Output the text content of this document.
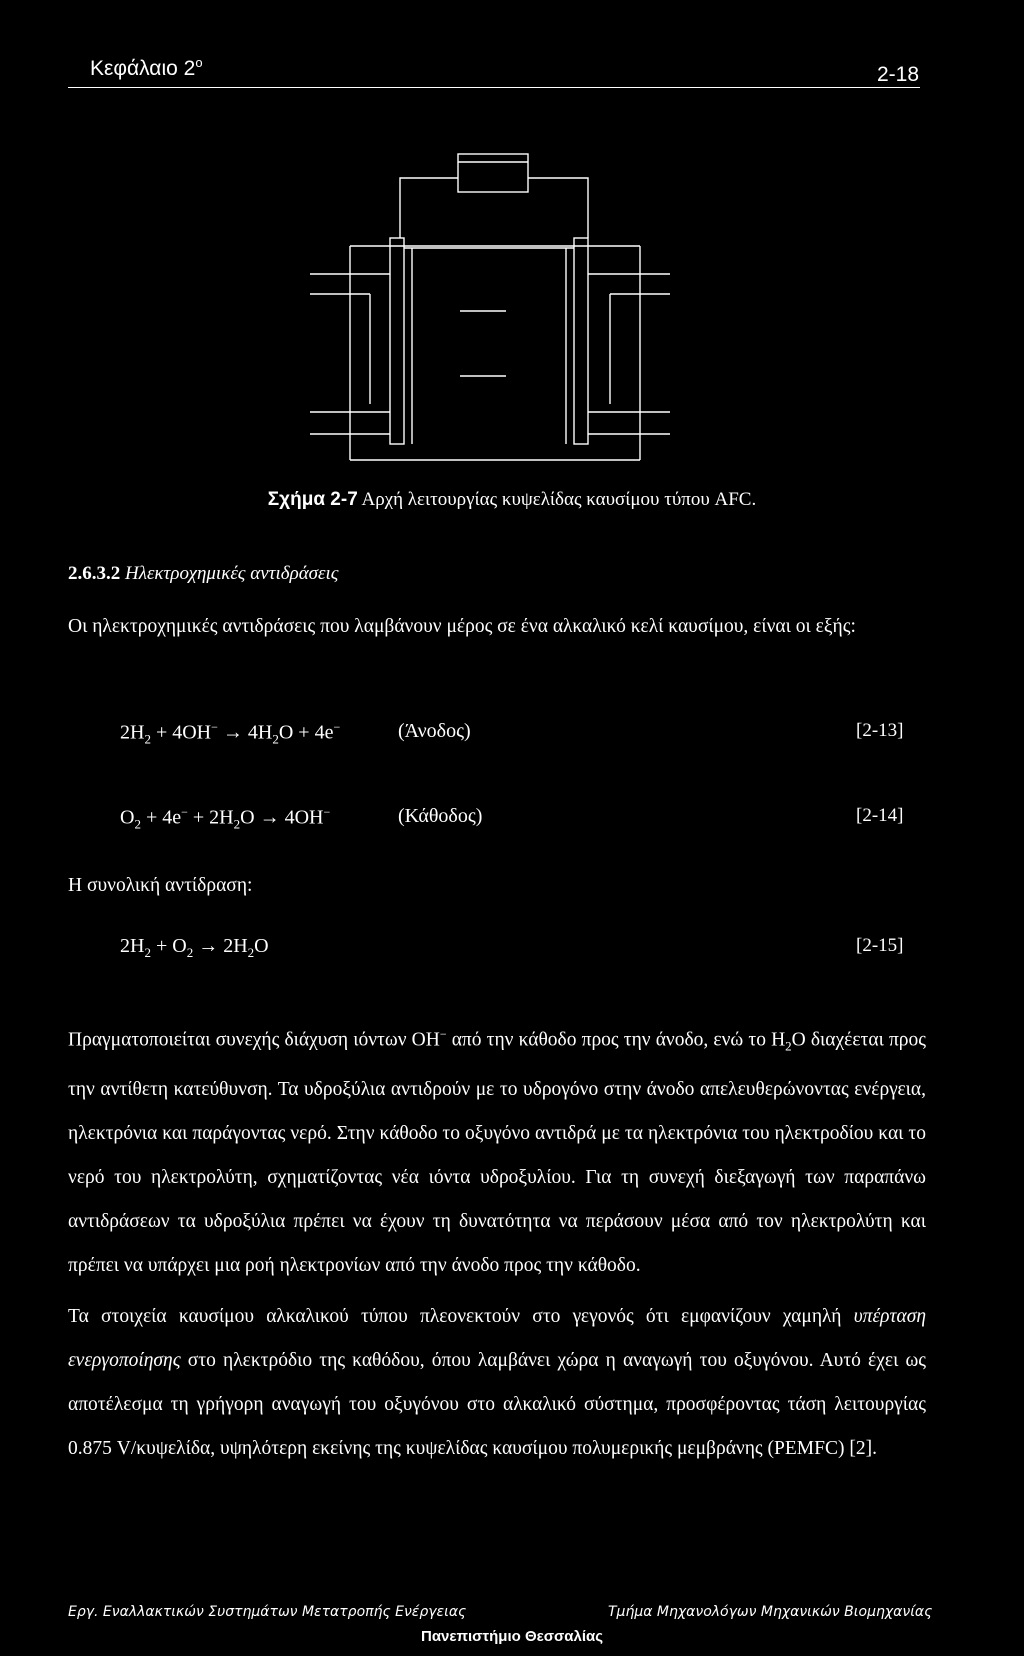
Κεφάλαιο $2^o$
2-18
Σχήμα 2-7 Αρχή λειτουργίας κυψελίδας καυσίμου τύπου AFC.
2.6.3.2 Ηλεκτροχημικές αντιδράσεις
Οι ηλεκτροχημικές αντιδράσεις που λαμβάνουν μέρος σε ένα αλκαλικό κελί καυσίμου, είναι οι εξής:
$2H_2 + 4OH^- \to 4H_2O + 4e^-$	(Άνοδος)	[2-13]
$O_2 + 4e^- + 2H_2O \to 4OH^-$	(Κάθοδος)	[2-14]
Η συνολική αντίδραση:
$2H_2 + O_2 \to 2H_2O$	[2-15]
Πραγματοποιείται συνεχής διάχυση ιόντων OH− από την κάθοδο προς την άνοδο, ενώ το $H_2O$ διαχέεται προς την αντίθετη κατεύθυνση. Τα υδροξύλια αντιδρούν με το υδρογόνο στην άνοδο απελευθερώνοντας ενέργεια, ηλεκτρόνια και παράγοντας νερό. Στην κάθοδο το οξυγόνο αντιδρά με τα ηλεκτρόνια του ηλεκτροδίου και το νερό του ηλεκτρολύτη, σχηματίζοντας νέα ιόντα υδροξυλίου. Για τη συνεχή διεξαγωγή των παραπάνω αντιδράσεων τα υδροξύλια πρέπει να έχουν τη δυνατότητα να περάσουν μέσα από τον ηλεκτρολύτη και πρέπει να υπάρχει μια ροή ηλεκτρονίων από την άνοδο προς την κάθοδο.
Τα στοιχεία καυσίμου αλκαλικού τύπου πλεονεκτούν στο γεγονός ότι εμφανίζουν χαμηλή υπέρταση ενεργοποίησης στο ηλεκτρόδιο της καθόδου, όπου λαμβάνει χώρα η αναγωγή του οξυγόνου. Αυτό έχει ως αποτέλεσμα τη γρήγορη αναγωγή του οξυγόνου στο αλκαλικό σύστημα, προσφέροντας τάση λειτουργίας 0.875 V/κυψελίδα, υψηλότερη εκείνης της κυψελίδας καυσίμου πολυμερικής μεμβράνης (PEMFC) [2].
Εργ. Εναλλακτικών Συστημάτων Μετατροπής Ενέργειας	Τμήμα Μηχανολόγων Μηχανικών Βιομηχανίας
Πανεπιστήμιο Θεσσαλίας
